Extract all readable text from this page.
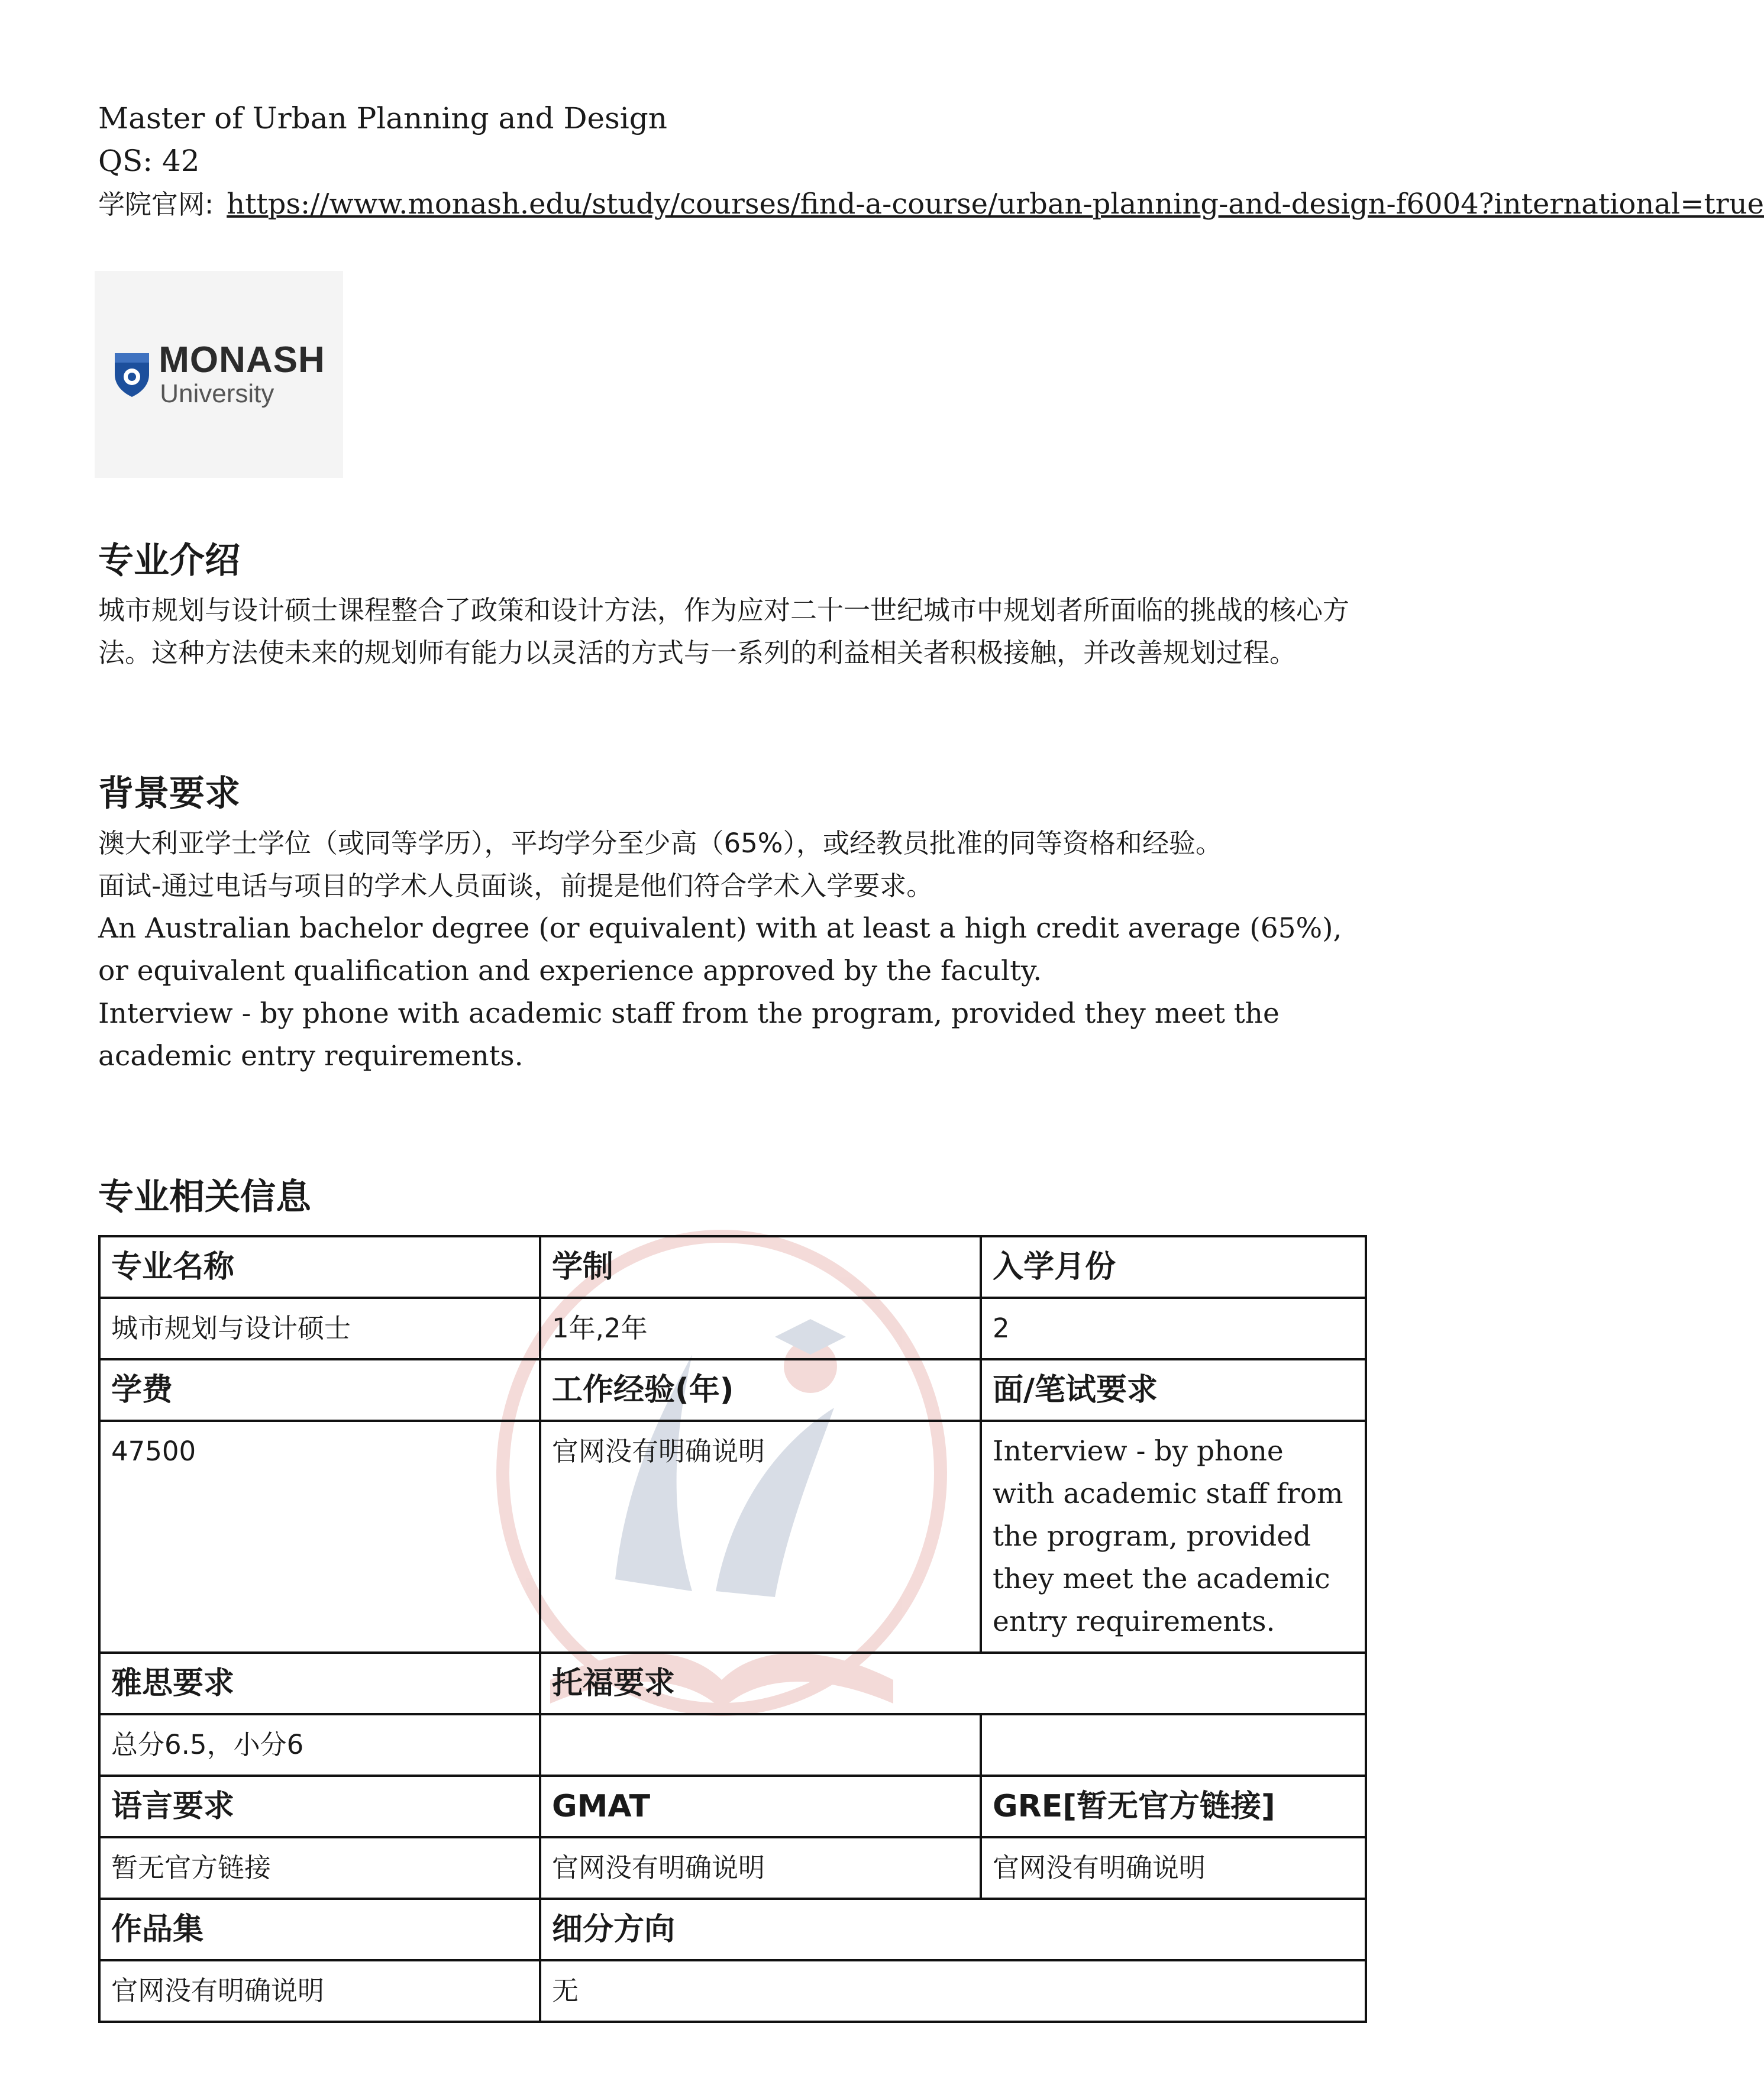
Master of Urban Planning and Design
QS: 42
学院官网: https://www.monash.edu/study/courses/find-a-course/urban-planning-and-design-f6004?international=true
MONASH
University
专业介绍
城市规划与设计硕士课程整合了政策和设计方法，作为应对二十一世纪城市中规划者所面临的挑战的核心方法。这种方法使未来的规划师有能力以灵活的方式与一系列的利益相关者积极接触，并改善规划过程。
背景要求

澳大利亚学士学位（或同等学历），平均学分至少高（65%），或经教员批准的同等资格和经验。

面试-通过电话与项目的学术人员面谈，前提是他们符合学术入学要求。

An Australian bachelor degree (or equivalent) with at least a high credit average (65%), or equivalent qualification and experience approved by the faculty.

Interview - by phone with academic staff from the program, provided they meet the academic entry requirements.

专业相关信息
专业名称	学制	入学月份
城市规划与设计硕士	1年,2年	2
学费	工作经验(年)	面/笔试要求
47500	官网没有明确说明	Interview - by phone with academic staff from the program, provided they meet the academic entry requirements.
雅思要求	托福要求	
总分6.5，小分6		
语言要求	GMAT	GRE[暂无官方链接]
暂无官方链接	官网没有明确说明	官网没有明确说明
作品集	细分方向	
官网没有明确说明	无	
